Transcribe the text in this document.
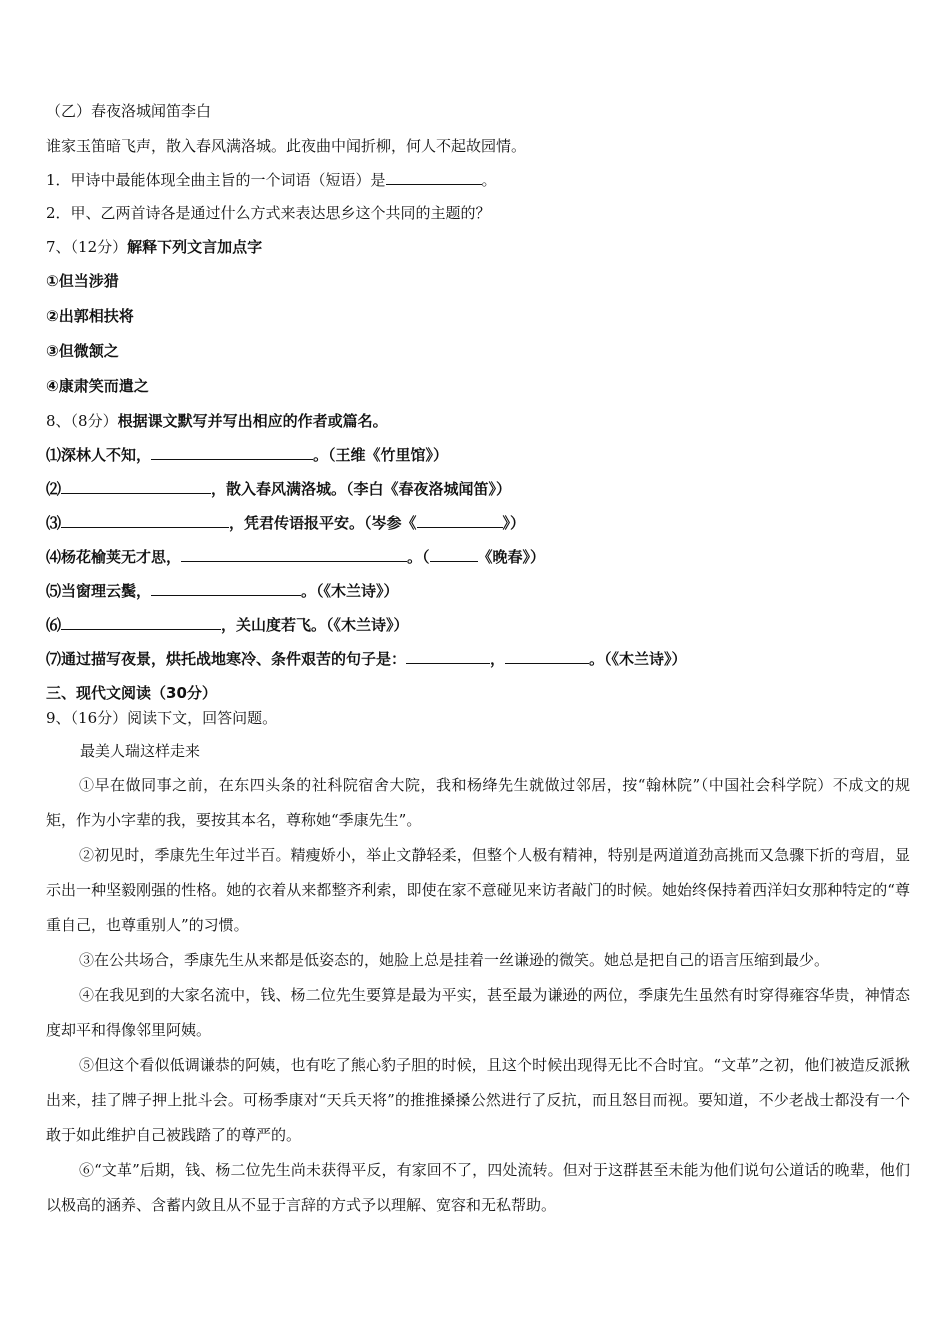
（乙）春夜洛城闻笛李白
谁家玉笛暗飞声，散入春风满洛城。此夜曲中闻折柳，何人不起故园情。
1．甲诗中最能体现全曲主旨的一个词语（短语）是	。
2．甲、乙两首诗各是通过什么方式来表达思乡这个共同的主题的？
7、（12分）解释下列文言加点字
①但当涉猎
②出郭相扶将
③但微颔之
④康肃笑而遣之
8、（8分）根据课文默写并写出相应的作者或篇名。
⑴深林人不知，	。（王维《竹里馆》）
⑵	，散入春风满洛城。（李白《春夜洛城闻笛》）
⑶	，凭君传语报平安。（岑参《	》）
⑷杨花榆荚无才思，	。（	《晚春》）
⑸当窗理云鬓，	。（《木兰诗》）
⑹	，关山度若飞。（《木兰诗》）
⑺通过描写夜景，烘托战地寒冷、条件艰苦的句子是：	，	。（《木兰诗》）
三、现代文阅读（30分）
9、（16分）阅读下文，回答问题。
最美人瑞这样走来
①早在做同事之前，在东四头条的社科院宿舍大院，我和杨绛先生就做过邻居，按“翰林院”（中国社会科学院）不成文的规矩，作为小字辈的我，要按其本名，尊称她“季康先生”。
②初见时，季康先生年过半百。精瘦娇小，举止文静轻柔，但整个人极有精神，特别是两道道劲高挑而又急骤下折的弯眉，显示出一种坚毅刚强的性格。她的衣着从来都整齐利索，即使在家不意碰见来访者敲门的时候。她始终保持着西洋妇女那种特定的“尊重自己，也尊重别人”的习惯。
③在公共场合，季康先生从来都是低姿态的，她脸上总是挂着一丝谦逊的微笑。她总是把自己的语言压缩到最少。
④在我见到的大家名流中，钱、杨二位先生要算是最为平实，甚至最为谦逊的两位，季康先生虽然有时穿得雍容华贵，神情态度却平和得像邻里阿姨。
⑤但这个看似低调谦恭的阿姨，也有吃了熊心豹子胆的时候，且这个时候出现得无比不合时宜。“文革”之初，他们被造反派揪出来，挂了牌子押上批斗会。可杨季康对“天兵天将”的推推搡搡公然进行了反抗，而且怒目而视。要知道，不少老战士都没有一个敢于如此维护自己被践踏了的尊严的。
⑥“文革”后期，钱、杨二位先生尚未获得平反，有家回不了，四处流转。但对于这群甚至未能为他们说句公道话的晚辈，他们以极高的涵养、含蓄内敛且从不显于言辞的方式予以理解、宽容和无私帮助。
